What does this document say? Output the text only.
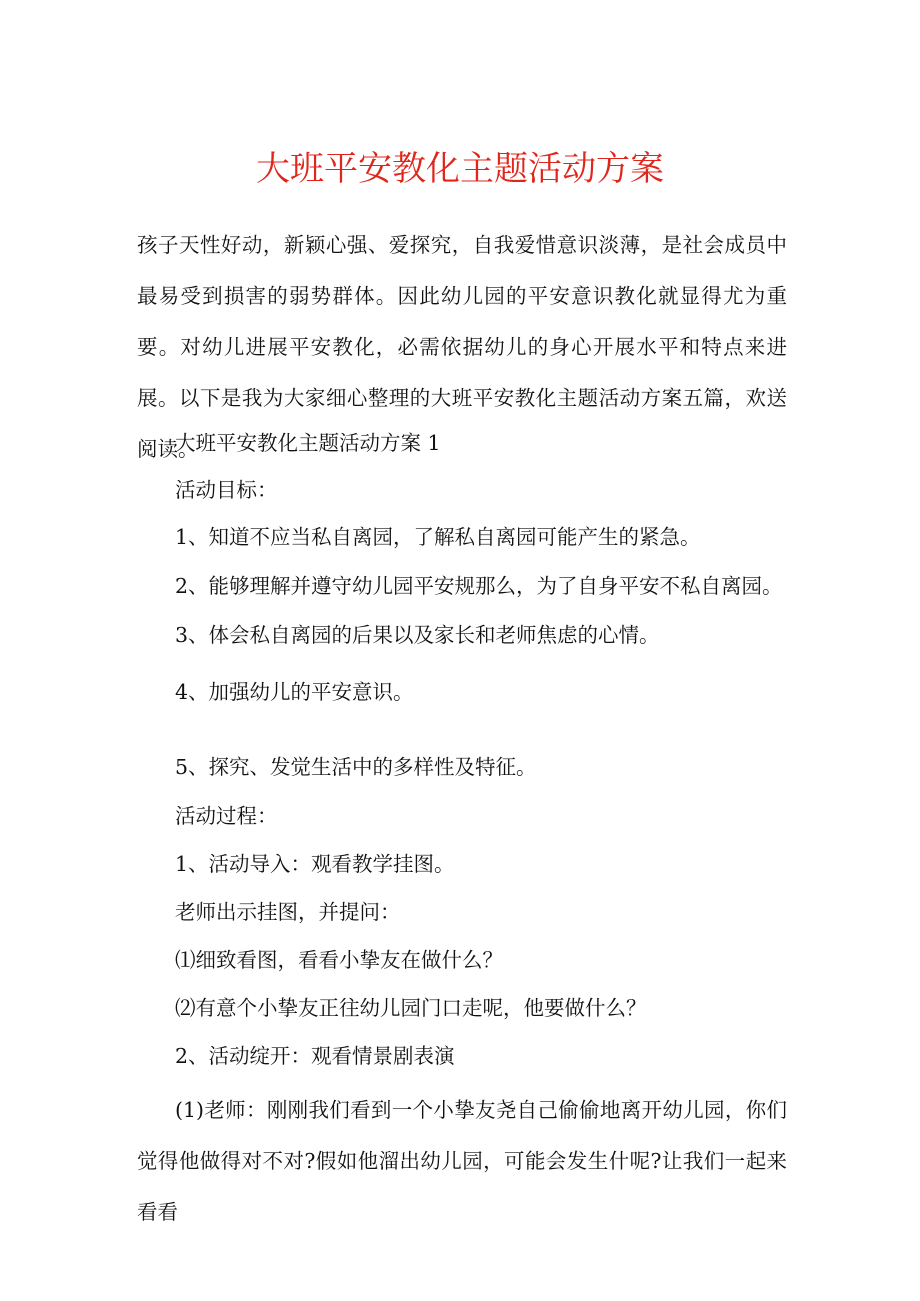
大班平安教化主题活动方案

孩子天性好动，新颖心强、爱探究，自我爱惜意识淡薄，是社会成员中最易受到损害的弱势群体。因此幼儿园的平安意识教化就显得尤为重要。对幼儿进展平安教化，必需依据幼儿的身心开展水平和特点来进展。以下是我为大家细心整理的大班平安教化主题活动方案五篇，欢送阅读。

大班平安教化主题活动方案 1

活动目标：

1、知道不应当私自离园，了解私自离园可能产生的紧急。

2、能够理解并遵守幼儿园平安规那么，为了自身平安不私自离园。

3、体会私自离园的后果以及家长和老师焦虑的心情。

4、加强幼儿的平安意识。

5、探究、发觉生活中的多样性及特征。

活动过程：

1、活动导入：观看教学挂图。

老师出示挂图，并提问：

⑴细致看图，看看小挚友在做什么？

⑵有意个小挚友正往幼儿园门口走呢，他要做什么？

2、活动绽开：观看情景剧表演

(1)老师：刚刚我们看到一个小挚友尧自己偷偷地离开幼儿园，你们觉得他做得对不对?假如他溜出幼儿园，可能会发生什呢?让我们一起来看看
